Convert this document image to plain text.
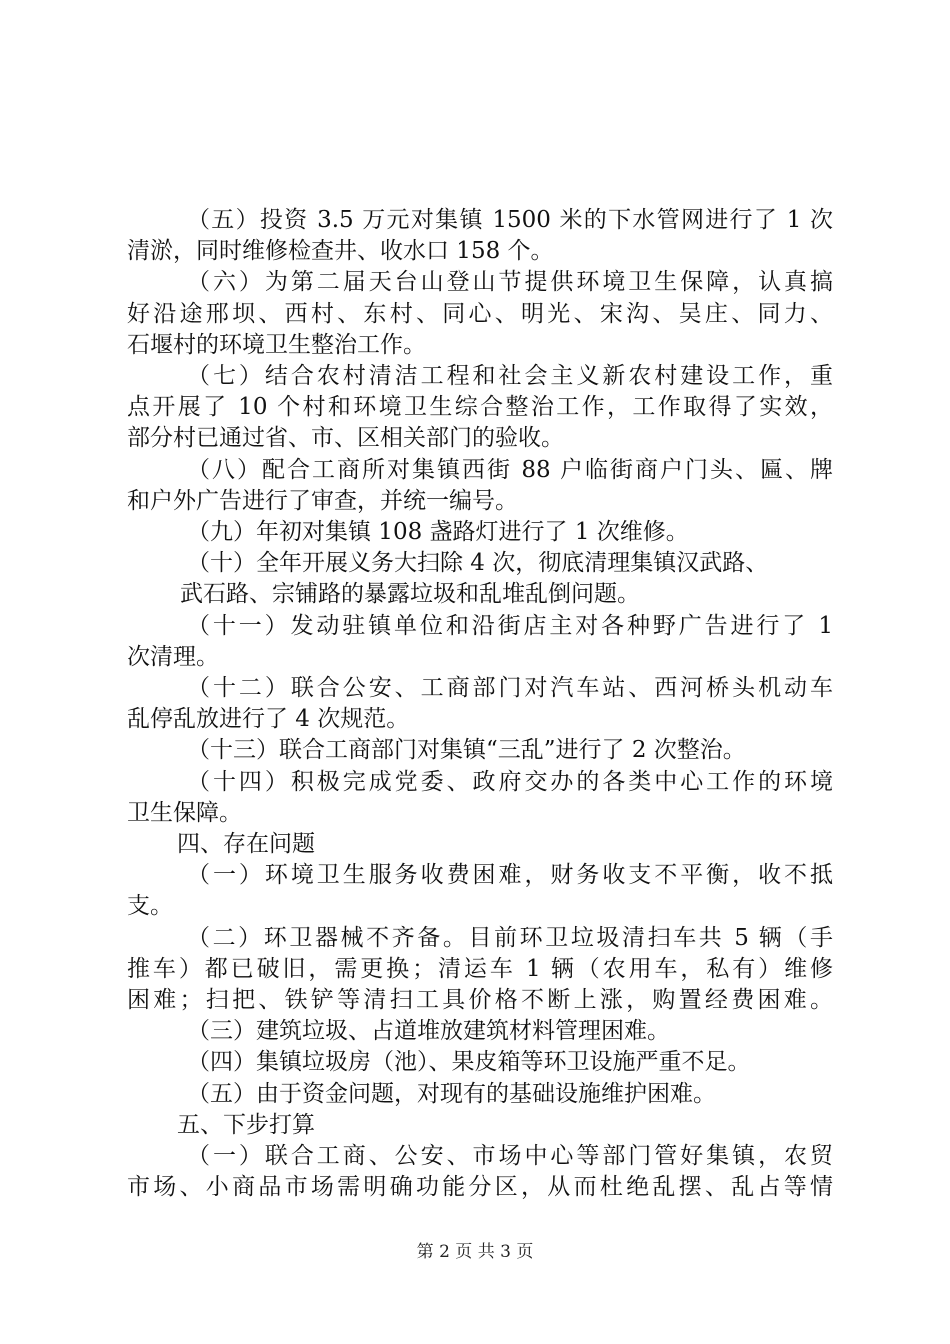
（五）投资 3.5 万元对集镇 1500 米的下水管网进行了 1 次
清淤，同时维修检查井、收水口 158 个。
（六）为第二届天台山登山节提供环境卫生保障，认真搞
好沿途邢坝、西村、东村、同心、明光、宋沟、吴庄、同力、
石堰村的环境卫生整治工作。
（七）结合农村清洁工程和社会主义新农村建设工作，重
点开展了 10 个村和环境卫生综合整治工作，工作取得了实效，
部分村已通过省、市、区相关部门的验收。
（八）配合工商所对集镇西街 88 户临街商户门头、匾、牌
和户外广告进行了审查，并统一编号。
（九）年初对集镇 108 盏路灯进行了 1 次维修。
（十）全年开展义务大扫除 4 次，彻底清理集镇汉武路、
武石路、宗铺路的暴露垃圾和乱堆乱倒问题。
（十一）发动驻镇单位和沿街店主对各种野广告进行了 1
次清理。
（十二）联合公安、工商部门对汽车站、西河桥头机动车
乱停乱放进行了 4 次规范。
（十三）联合工商部门对集镇“三乱”进行了 2 次整治。
（十四）积极完成党委、政府交办的各类中心工作的环境
卫生保障。
四、存在问题
（一）环境卫生服务收费困难，财务收支不平衡，收不抵
支。
（二）环卫器械不齐备。目前环卫垃圾清扫车共 5 辆（手
推车）都已破旧，需更换；清运车 1 辆（农用车，私有）维修
困难；扫把、铁铲等清扫工具价格不断上涨，购置经费困难。
（三）建筑垃圾、占道堆放建筑材料管理困难。
（四）集镇垃圾房（池）、果皮箱等环卫设施严重不足。
（五）由于资金问题，对现有的基础设施维护困难。
五、下步打算
（一）联合工商、公安、市场中心等部门管好集镇，农贸
市场、小商品市场需明确功能分区，从而杜绝乱摆、乱占等情
第 2 页 共 3 页
